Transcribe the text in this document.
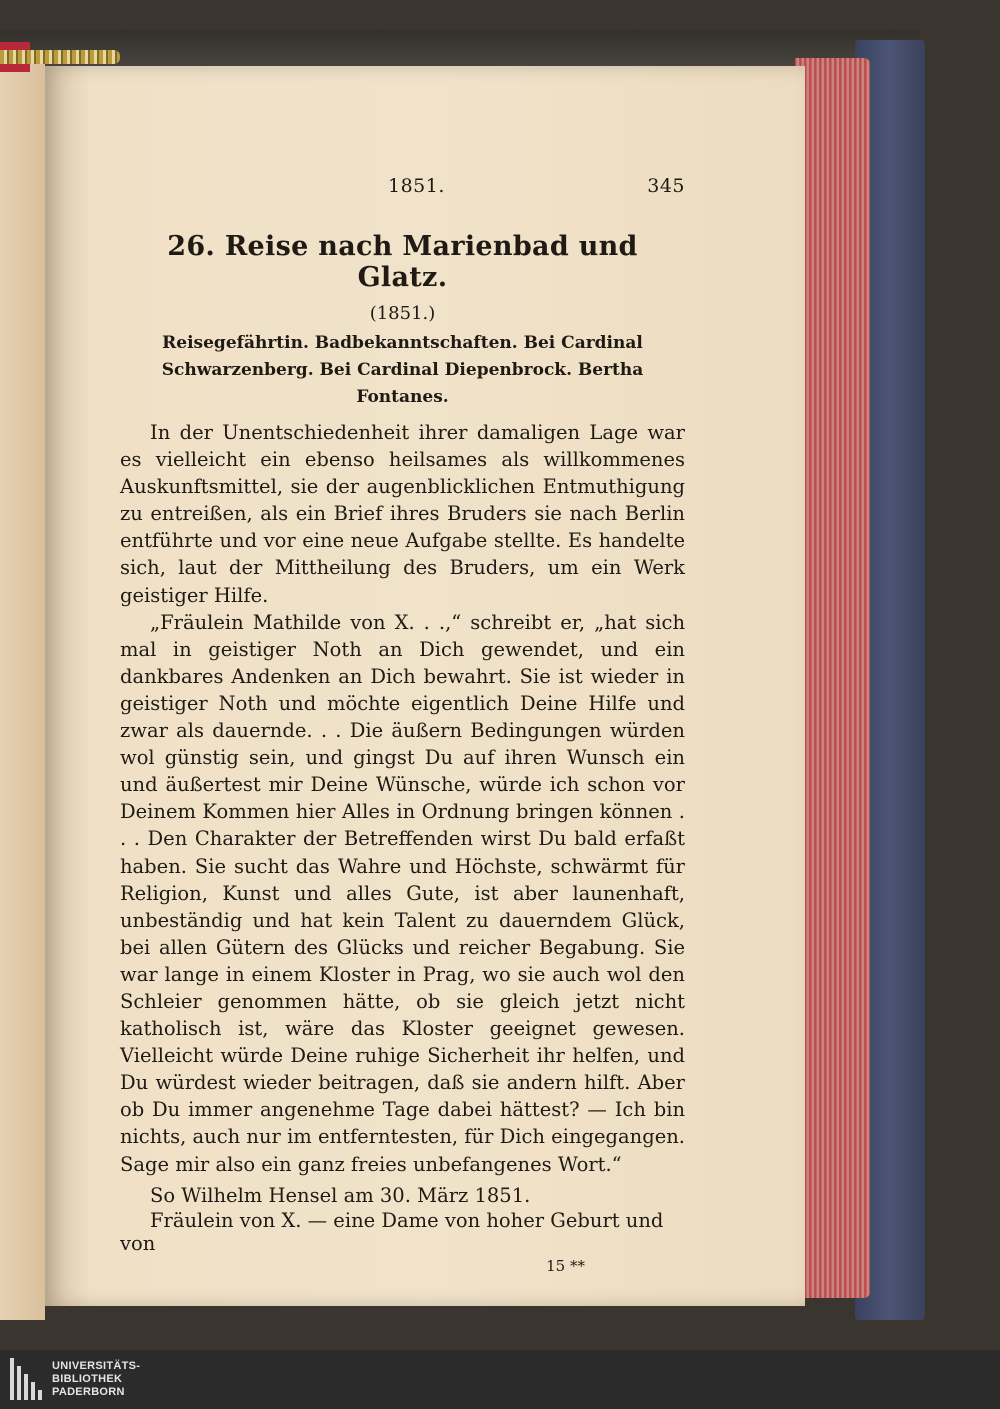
1851.	345
26. Reise nach Marienbad und Glatz.
(1851.)
Reisegefährtin. Badbekanntschaften. Bei Cardinal Schwarzenberg. Bei Cardinal Diepenbrock. Bertha Fontanes.

In der Unentschiedenheit ihrer damaligen Lage war es vielleicht ein ebenso heilsames als willkommenes Auskunftsmittel, sie der augenblicklichen Entmuthigung zu entreißen, als ein Brief ihres Bruders sie nach Berlin entführte und vor eine neue Aufgabe stellte. Es handelte sich, laut der Mittheilung des Bruders, um ein Werk geistiger Hilfe.

„Fräulein Mathilde von X. . .,“ schreibt er, „hat sich mal in geistiger Noth an Dich gewendet, und ein dankbares Andenken an Dich bewahrt. Sie ist wieder in geistiger Noth und möchte eigentlich Deine Hilfe und zwar als dauernde. . . Die äußern Bedingungen würden wol günstig sein, und gingst Du auf ihren Wunsch ein und äußertest mir Deine Wünsche, würde ich schon vor Deinem Kommen hier Alles in Ordnung bringen können . . . Den Charakter der Betreffenden wirst Du bald erfaßt haben. Sie sucht das Wahre und Höchste, schwärmt für Religion, Kunst und alles Gute, ist aber launenhaft, unbeständig und hat kein Talent zu dauerndem Glück, bei allen Gütern des Glücks und reicher Begabung. Sie war lange in einem Kloster in Prag, wo sie auch wol den Schleier genommen hätte, ob sie gleich jetzt nicht katholisch ist, wäre das Kloster geeignet gewesen. Vielleicht würde Deine ruhige Sicherheit ihr helfen, und Du würdest wieder beitragen, daß sie andern hilft. Aber ob Du immer angenehme Tage dabei hättest? — Ich bin nichts, auch nur im entferntesten, für Dich eingegangen. Sage mir also ein ganz freies unbefangenes Wort.“

So Wilhelm Hensel am 30. März 1851.
Fräulein von X. — eine Dame von hoher Geburt und von
15 **
UNIVERSITÄTS-
BIBLIOTHEK
PADERBORN
